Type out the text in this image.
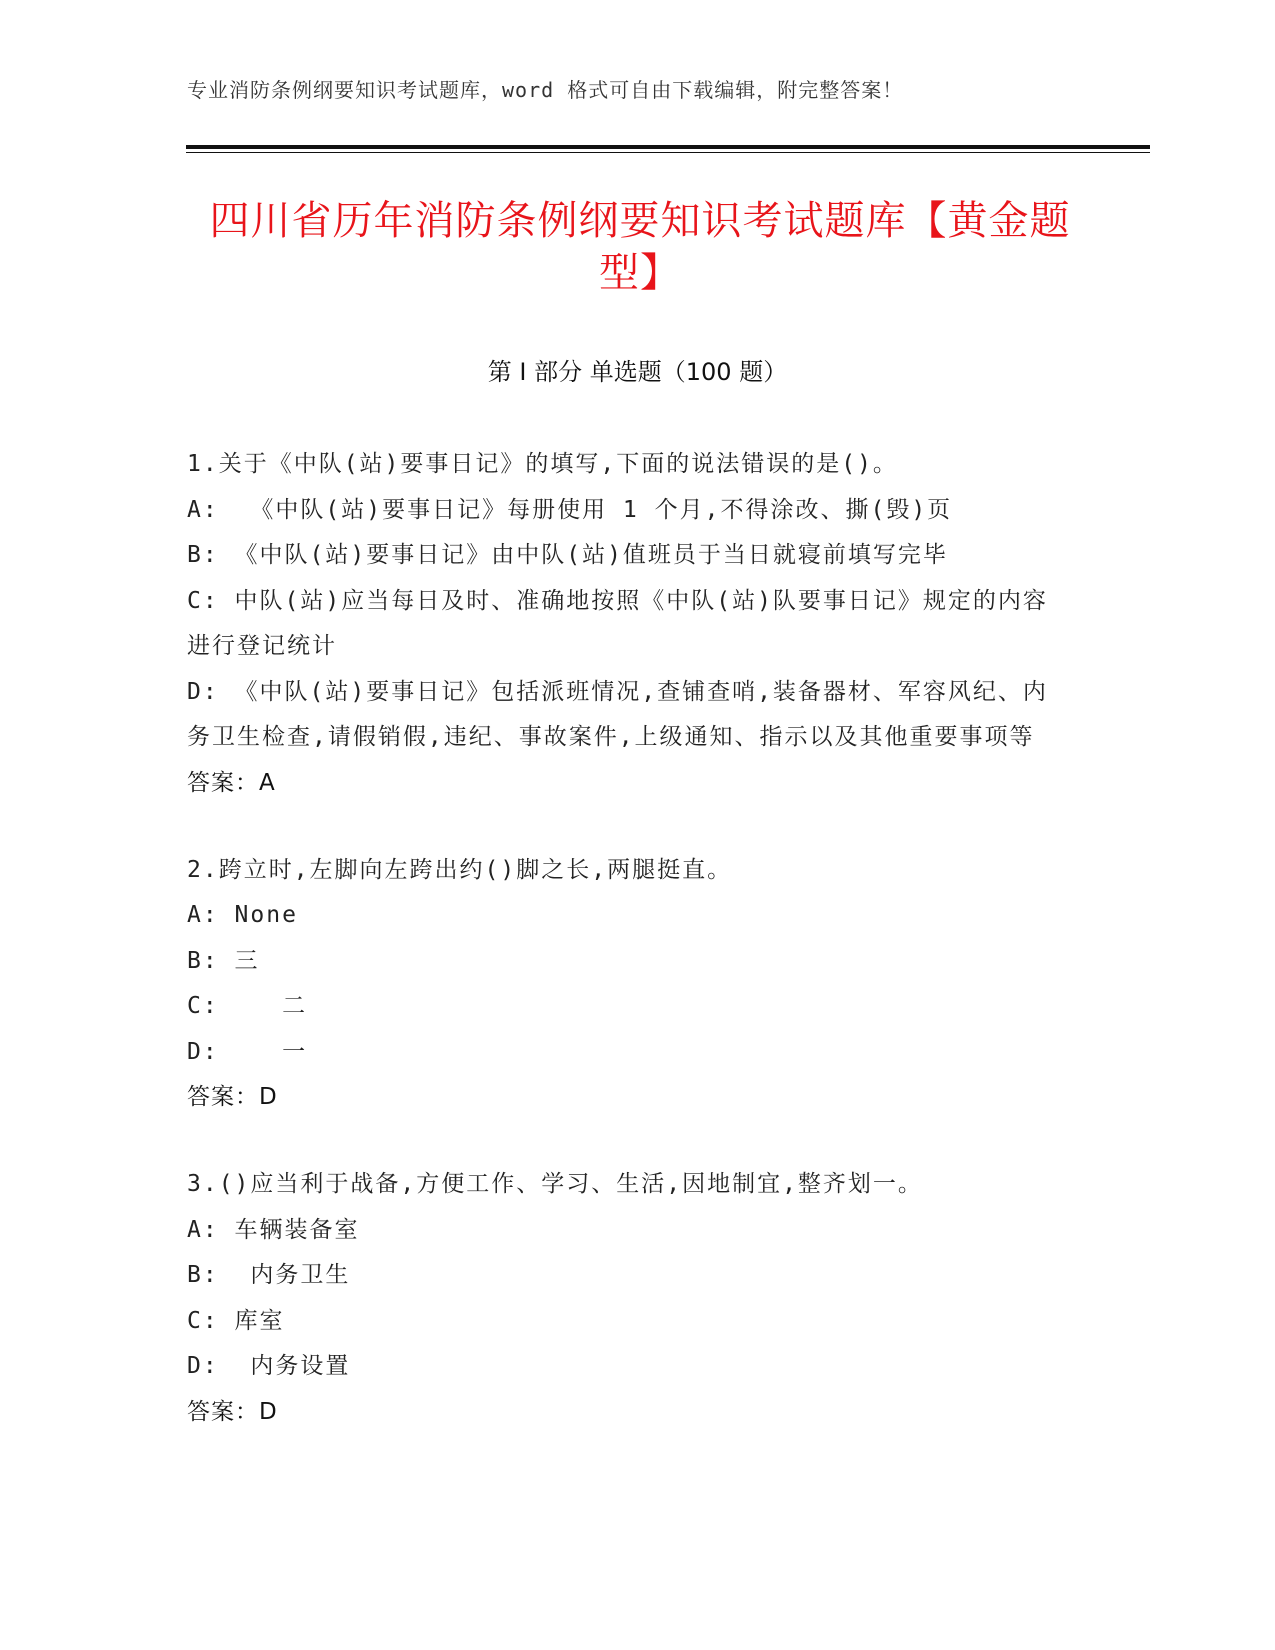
专业消防条例纲要知识考试题库，word 格式可自由下载编辑，附完整答案！
四川省历年消防条例纲要知识考试题库【黄金题型】
第 I 部分 单选题（100 题）
1.关于《中队(站)要事日记》的填写,下面的说法错误的是()。
A:  《中队(站)要事日记》每册使用 1 个月,不得涂改、撕(毁)页
B: 《中队(站)要事日记》由中队(站)值班员于当日就寝前填写完毕
C: 中队(站)应当每日及时、准确地按照《中队(站)队要事日记》规定的内容进行登记统计
D: 《中队(站)要事日记》包括派班情况,查铺查哨,装备器材、军容风纪、内务卫生检查,请假销假,违纪、事故案件,上级通知、指示以及其他重要事项等
答案：A
2.跨立时,左脚向左跨出约()脚之长,两腿挺直。
A: None
B: 三
C:    二
D:    一
答案：D
3.()应当利于战备,方便工作、学习、生活,因地制宜,整齐划一。
A: 车辆装备室
B:  内务卫生
C: 库室
D:  内务设置
答案：D
